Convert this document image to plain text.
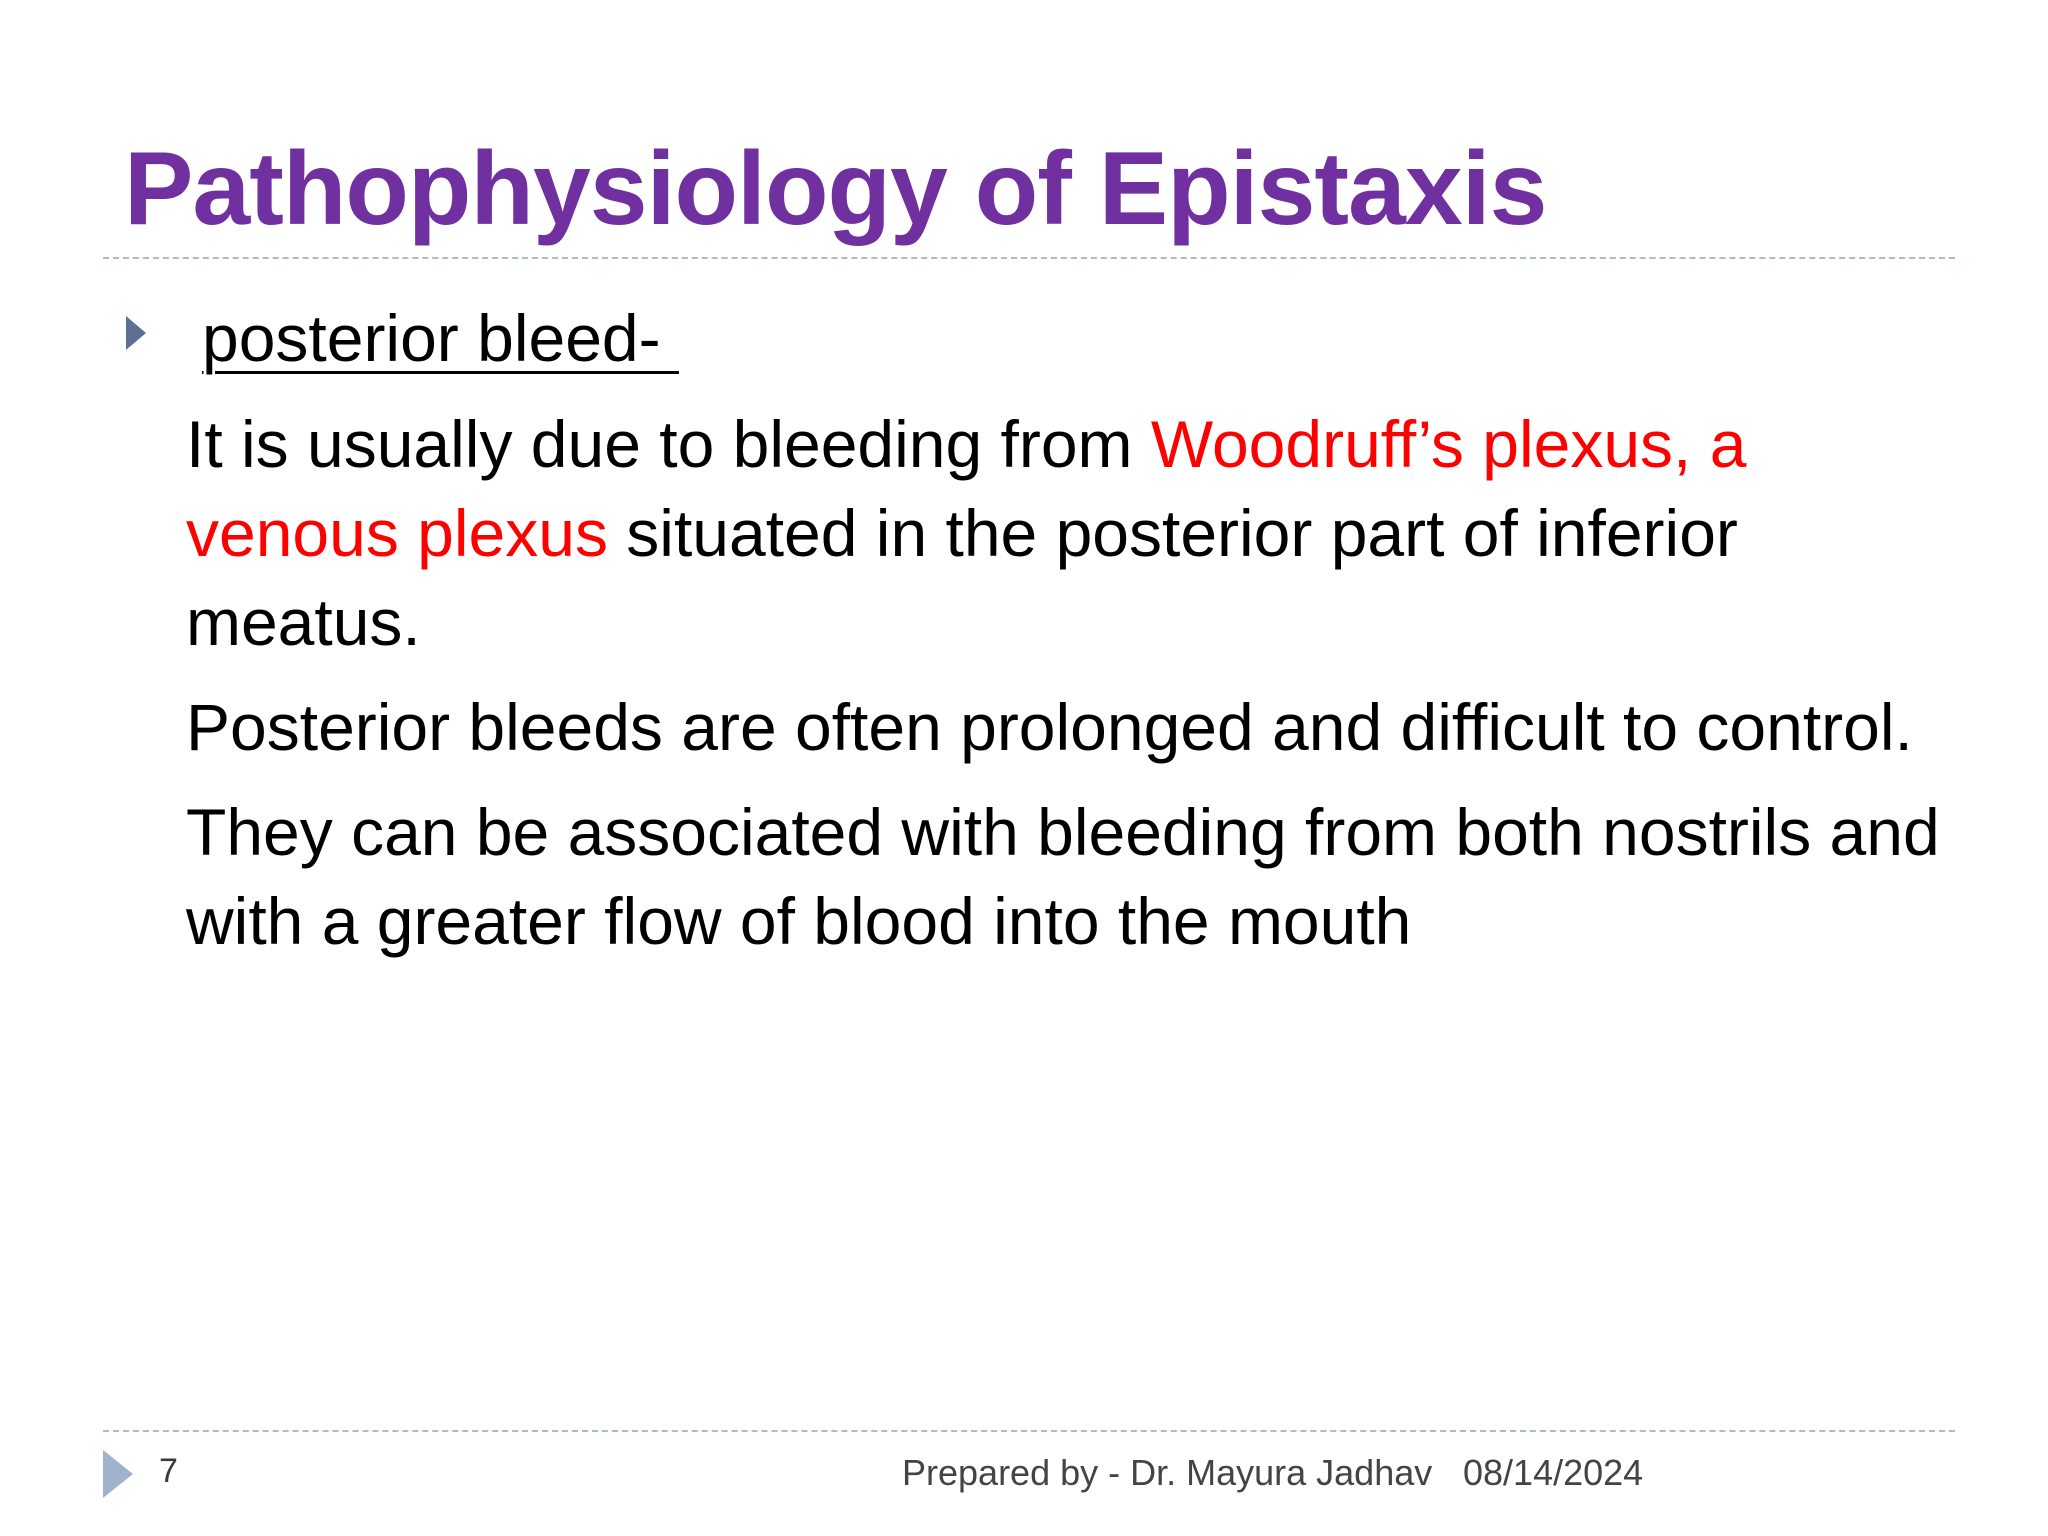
Pathophysiology of Epistaxis
posterior bleed-

It is usually due to bleeding from Woodruff’s plexus, a venous plexus situated in the posterior part of inferior meatus.

Posterior bleeds are often prolonged and difficult to control.

They can be associated with bleeding from both nostrils and with a greater flow of blood into the mouth

7	Prepared by - Dr. Mayura Jadhav 08/14/2024
